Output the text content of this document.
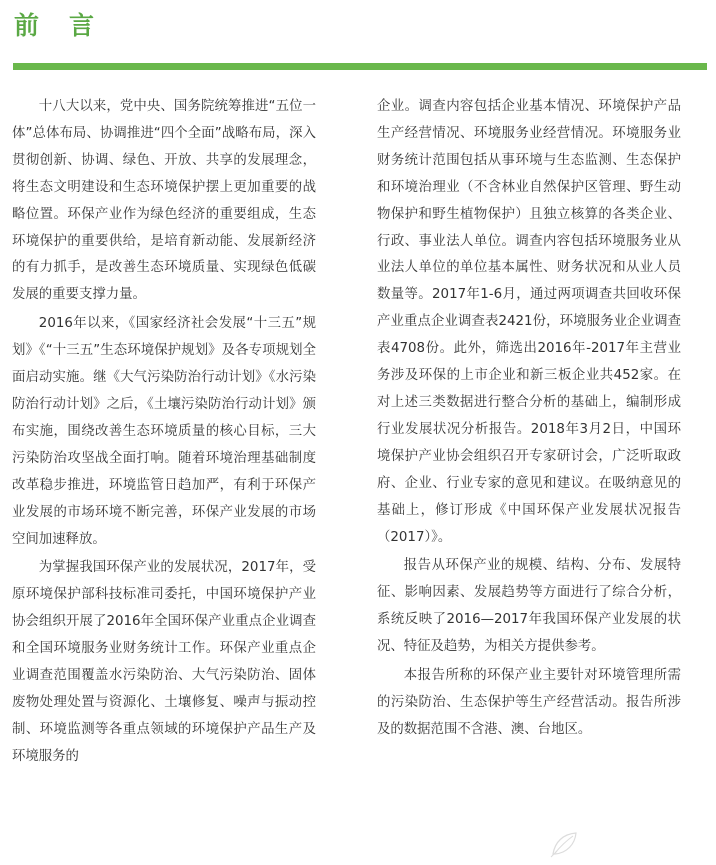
前言

十八大以来，党中央、国务院统筹推进“五位一体”总体布局、协调推进“四个全面”战略布局，深入贯彻创新、协调、绿色、开放、共享的发展理念，将生态文明建设和生态环境保护摆上更加重要的战略位置。环保产业作为绿色经济的重要组成，生态环境保护的重要供给，是培育新动能、发展新经济的有力抓手，是改善生态环境质量、实现绿色低碳发展的重要支撑力量。

2016年以来，《国家经济社会发展“十三五”规划》《“十三五”生态环境保护规划》及各专项规划全面启动实施。继《大气污染防治行动计划》《水污染防治行动计划》之后，《土壤污染防治行动计划》颁布实施，围绕改善生态环境质量的核心目标，三大污染防治攻坚战全面打响。随着环境治理基础制度改革稳步推进，环境监管日趋加严，有利于环保产业发展的市场环境不断完善，环保产业发展的市场空间加速释放。

为掌握我国环保产业的发展状况，2017年，受原环境保护部科技标准司委托，中国环境保护产业协会组织开展了2016年全国环保产业重点企业调查和全国环境服务业财务统计工作。环保产业重点企业调查范围覆盖水污染防治、大气污染防治、固体废物处理处置与资源化、土壤修复、噪声与振动控制、环境监测等各重点领域的环境保护产品生产及环境服务的

企业。调查内容包括企业基本情况、环境保护产品生产经营情况、环境服务业经营情况。环境服务业财务统计范围包括从事环境与生态监测、生态保护和环境治理业（不含林业自然保护区管理、野生动物保护和野生植物保护）且独立核算的各类企业、行政、事业法人单位。调查内容包括环境服务业从业法人单位的单位基本属性、财务状况和从业人员数量等。2017年1-6月，通过两项调查共回收环保产业重点企业调查表2421份，环境服务业企业调查表4708份。此外，筛选出2016年-2017年主营业务涉及环保的上市企业和新三板企业共452家。在对上述三类数据进行整合分析的基础上，编制形成行业发展状况分析报告。2018年3月2日，中国环境保护产业协会组织召开专家研讨会，广泛听取政府、企业、行业专家的意见和建议。在吸纳意见的基础上，修订形成《中国环保产业发展状况报告（2017）》。

报告从环保产业的规模、结构、分布、发展特征、影响因素、发展趋势等方面进行了综合分析，系统反映了2016—2017年我国环保产业发展的状况、特征及趋势，为相关方提供参考。

本报告所称的环保产业主要针对环境管理所需的污染防治、生态保护等生产经营活动。报告所涉及的数据范围不含港、澳、台地区。
